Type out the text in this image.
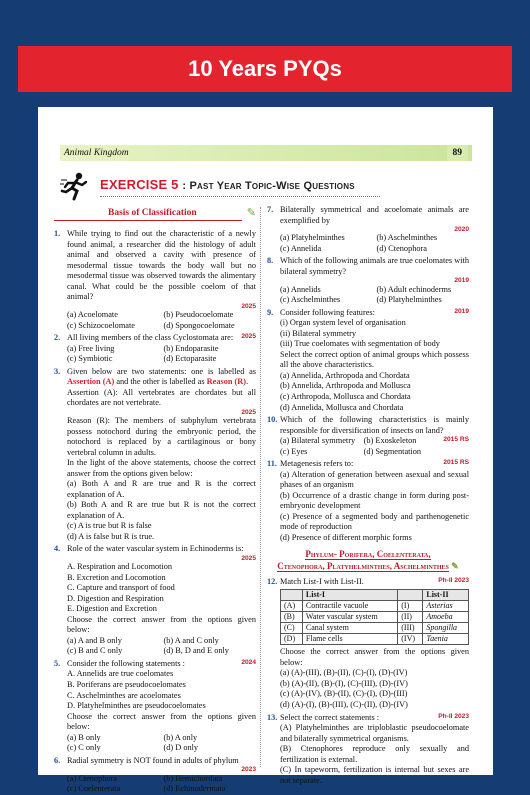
10 Years PYQs
Animal Kingdom	89
EXERCISE 5 : Past Year Topic-Wise Questions
Basis of Classification	✎
1. While trying to find out the characteristic of a newly found animal, a researcher did the histology of adult animal and observed a cavity with presence of mesodermal tissue towards the body wall but no mesodermal tissue was observed towards the alimentary canal. What could be the possible coelom of that animal?
2025
(a) Acoelomate	(b) Pseudocoelomate
(c) Schizocoelomate	(d) Spongocoelomate
2. All living members of the class Cyclostomata are: 2025
(a) Free living	(b) Endoparasite
(c) Symbiotic	(d) Ectoparasite
3. Given below are two statements: one is labelled as Assertion (A) and the other is labelled as Reason (R).
Assertion (A): All vertebrates are chordates but all chordates are not vertebrate.
2025
Reason (R): The members of subphylum vertebrata possess notochord during the embryonic period, the notochord is replaced by a cartilaginous or bony vertebral column in adults.
In the light of the above statements, choose the correct answer from the options given below:
(a) Both A and R are true and R is the correct explanation of A.
(b) Both A and R are true but R is not the correct explanation of A.
(c) A is true but R is false
(d) A is false but R is true.
4. Role of the water vascular system in Echinoderms is:
2025
A. Respiration and Locomotion
B. Excretion and Locomotion
C. Capture and transport of food
D. Digestion and Respiration
E. Digestion and Excretion
Choose the correct answer from the options given below:
(a) A and B only	(b) A and C only
(c) B and C only	(d) B, D and E only
5. Consider the following statements :	2024
A. Annelids are true coelomates
B. Poriferans are pseudocoelomates
C. Aschelminthes are acoelomates
D. Platyhelminthes are pseudocoelomates
Choose the correct answer from the options given below:
(a) B only	(b) A only
(c) C only	(d) D only
6. Radial symmetry is NOT found in adults of phylum
2023
(a) Ctenophora	(b) Hemichordata
(c) Coelenterata	(d) Echinodermata
7. Bilaterally symmetrical and acoelomate animals are exemplified by
2020
(a) Platyhelminthes	(b) Aschelminthes
(c) Annelida	(d) Ctenophora
8. Which of the following animals are true coelomates with bilateral symmetry?
2019
(a) Annelids	(b) Adult echinoderms
(c) Aschelminthes	(d) Platyhelminthes
9. Consider following features:	2019
(i) Organ system level of organisation
(ii) Bilateral symmetry
(iii) True coelomates with segmentation of body
Select the correct option of animal groups which possess all the above characteristics.
(a) Annelida, Arthropoda and Chordata
(b) Annelida, Arthropoda and Mollusca
(c) Arthropoda, Mollusca and Chordata
(d) Annelida, Mollusca and Chordata
10. Which of the following characteristics is mainly responsible for diversification of insects on land?
2015 RS
(a) Bilateral symmetry	(b) Exoskeleton
(c) Eyes	(d) Segmentation
11. Metagenesis refers to:	2015 RS
(a) Alteration of generation between asexual and sexual phases of an organism
(b) Occurrence of a drastic change in form during post-embryonic development
(c) Presence of a segmented body and parthenogenetic mode of reproduction
(d) Presence of different morphic forms
Phylum- Porifera, Coelenterata,
Ctenophora, Platyhelminthes, Aschelminthes ✎
12. Match List-I with List-II.	Ph-II 2023
	List-I		List-II
(A)	Contractile vacuole	(I)	Asterias
(B)	Water vascular system	(II)	Amoeba
(C)	Canal system	(III)	Spongilla
(D)	Flame cells	(IV)	Taenia
Choose the correct answer from the options given below:
(a) (A)-(III), (B)-(II), (C)-(I), (D)-(IV)
(b) (A)-(II), (B)-(I), (C)-(III), (D)-(IV)
(c) (A)-(IV), (B)-(II), (C)-(I), (D)-(III)
(d) (A)-(I), (B)-(III), (C)-(II), (D)-(IV)
13. Select the correct statements :	Ph-II 2023
(A) Platyhelminthes are triploblastic pseudocoelomate and bilaterally symmetrical organisms.
(B) Ctenophores reproduce only sexually and fertilization is external.
(C) In tapeworm, fertilization is internal but sexes are not separate.
